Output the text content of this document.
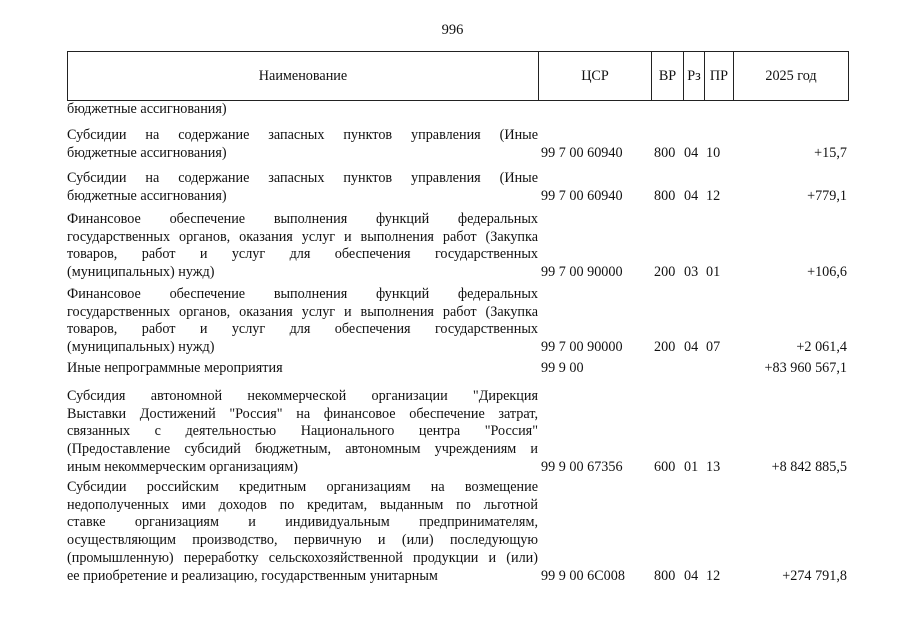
996
Наименование	ЦСР	ВР Рз ПР	2025 год
бюджетные ассигнования)
Субсидии на содержание запасных пунктов управления (Иные
бюджетные ассигнования)	99 7 00 60940 800 04 10	+15,7
Субсидии на содержание запасных пунктов управления (Иные
бюджетные ассигнования)	99 7 00 60940 800 04 12	+779,1
Финансовое обеспечение выполнения функций федеральных
государственных органов, оказания услуг и выполнения работ (Закупка
товаров, работ и услуг для обеспечения государственных
(муниципальных) нужд)	99 7 00 90000 200 03 01	+106,6
Финансовое обеспечение выполнения функций федеральных
государственных органов, оказания услуг и выполнения работ (Закупка
товаров, работ и услуг для обеспечения государственных
(муниципальных) нужд)	99 7 00 90000 200 04 07	+2 061,4
Иные непрограммные мероприятия	99 9 00	+83 960 567,1
Субсидия автономной некоммерческой организации "Дирекция
Выставки Достижений "Россия" на финансовое обеспечение затрат,
связанных с деятельностью Национального центра "Россия"
(Предоставление субсидий бюджетным, автономным учреждениям и
иным некоммерческим организациям)	99 9 00 67356 600 01 13	+8 842 885,5
Субсидии российским кредитным организациям на возмещение
недополученных ими доходов по кредитам, выданным по льготной
ставке организациям и индивидуальным предпринимателям,
осуществляющим производство, первичную и (или) последующую
(промышленную) переработку сельскохозяйственной продукции и (или)
ее приобретение и реализацию, государственным унитарным	99 9 00 6С008 800 04 12	+274 791,8
